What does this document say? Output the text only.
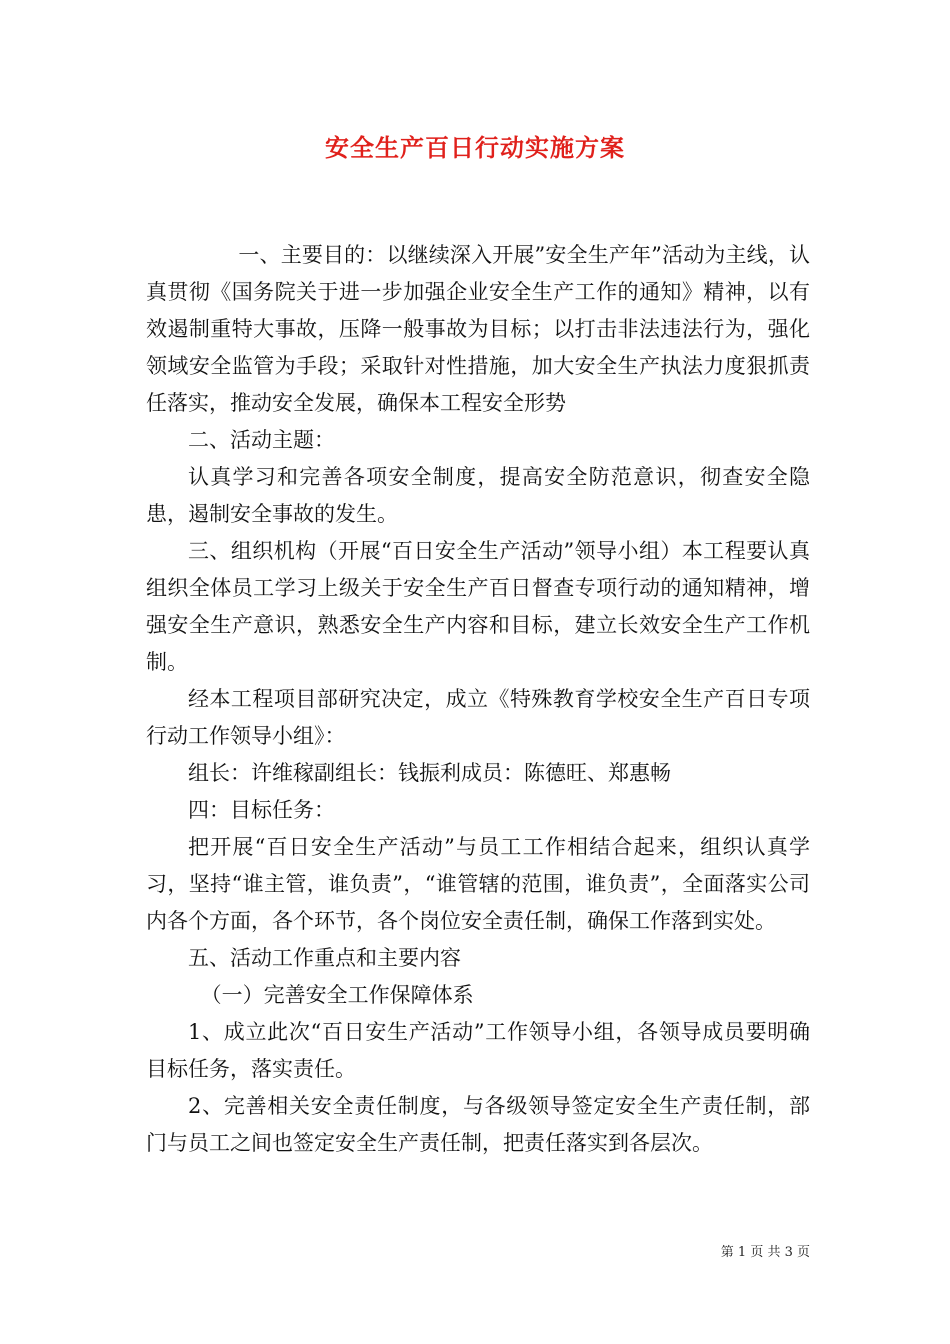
安全生产百日行动实施方案

一、主要目的：以继续深入开展”安全生产年”活动为主线，认真贯彻《国务院关于进一步加强企业安全生产工作的通知》精神，以有效遏制重特大事故，压降一般事故为目标；以打击非法违法行为，强化领域安全监管为手段；采取针对性措施，加大安全生产执法力度狠抓责任落实，推动安全发展，确保本工程安全形势

二、活动主题：

认真学习和完善各项安全制度，提高安全防范意识，彻查安全隐患，遏制安全事故的发生。

三、组织机构（开展“百日安全生产活动”领导小组）本工程要认真组织全体员工学习上级关于安全生产百日督查专项行动的通知精神，增强安全生产意识，熟悉安全生产内容和目标，建立长效安全生产工作机制。

经本工程项目部研究决定，成立《特殊教育学校安全生产百日专项行动工作领导小组》：

组长：许维稼副组长：钱振利成员：陈德旺、郑惠畅

四：目标任务：

把开展“百日安全生产活动”与员工工作相结合起来，组织认真学习，坚持“谁主管，谁负责”，“谁管辖的范围，谁负责”，全面落实公司内各个方面，各个环节，各个岗位安全责任制，确保工作落到实处。

五、活动工作重点和主要内容

（一）完善安全工作保障体系

1、成立此次“百日安生产活动”工作领导小组，各领导成员要明确目标任务，落实责任。

2、完善相关安全责任制度，与各级领导签定安全生产责任制，部门与员工之间也签定安全生产责任制，把责任落实到各层次。

第 1 页 共 3 页
